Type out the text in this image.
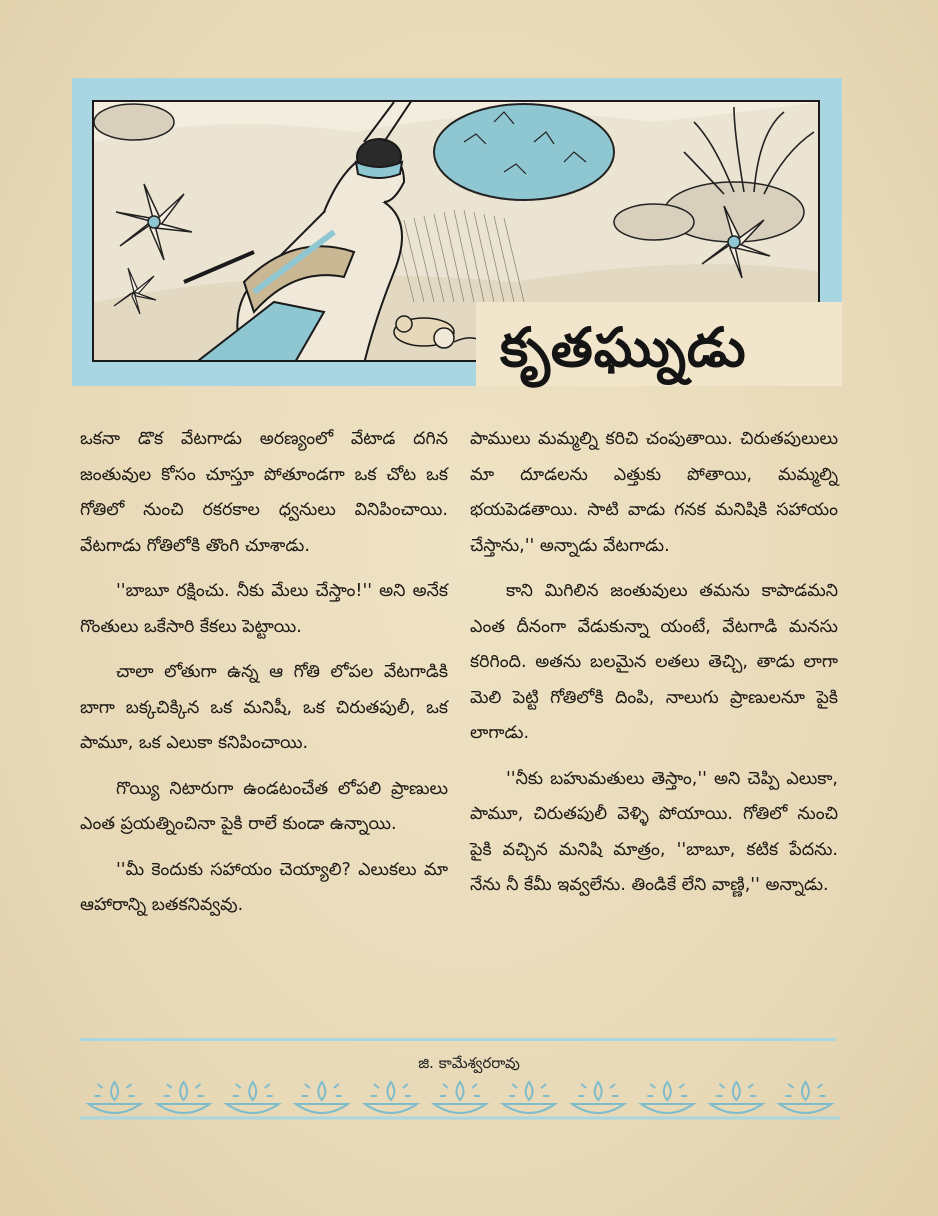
కృతఘ్నుడు

ఒకనా డొక వేటగాడు అరణ్యంలో వేటాడ దగిన జంతువుల కోసం చూస్తూ పోతూండగా ఒక చోట ఒక గోతిలో నుంచి రకరకాల ధ్వనులు వినిపించాయి. వేటగాడు గోతిలోకి తొంగి చూశాడు.

''బాబూ రక్షించు. నీకు మేలు చేస్తాం!'' అని అనేక గొంతులు ఒకేసారి కేకలు పెట్టాయి.

చాలా లోతుగా ఉన్న ఆ గోతి లోపల వేటగాడికి బాగా బక్కచిక్కిన ఒక మనిషీ, ఒక చిరుతపులీ, ఒక పామూ, ఒక ఎలుకా కనిపించాయి.

గొయ్యి నిటారుగా ఉండటంచేత లోపలి ప్రాణులు ఎంత ప్రయత్నించినా పైకి రాలే కుండా ఉన్నాయి.

''మీ కెందుకు సహాయం చెయ్యాలి? ఎలుకలు మా ఆహారాన్ని బతకనివ్వవు.

పాములు మమ్మల్ని కరిచి చంపుతాయి. చిరుతపులులు మా దూడలను ఎత్తుకు పోతాయి, మమ్మల్ని భయపెడతాయి. సాటి వాడు గనక మనిషికి సహాయం చేస్తాను,'' అన్నాడు వేటగాడు.

కాని మిగిలిన జంతువులు తమను కాపాడమని ఎంత దీనంగా వేడుకున్నా యంటే, వేటగాడి మనసు కరిగింది. అతను బలమైన లతలు తెచ్చి, తాడు లాగా మెలి పెట్టి గోతిలోకి దింపి, నాలుగు ప్రాణులనూ పైకి లాగాడు.

''నీకు బహుమతులు తెస్తాం,'' అని చెప్పి ఎలుకా, పామూ, చిరుతపులీ వెళ్ళి పోయాయి. గోతిలో నుంచి పైకి వచ్చిన మనిషి మాత్రం, ''బాబూ, కటిక పేదను. నేను నీ కేమీ ఇవ్వలేను. తిండికే లేని వాణ్ణి,'' అన్నాడు.

జి. కామేశ్వరరావు
